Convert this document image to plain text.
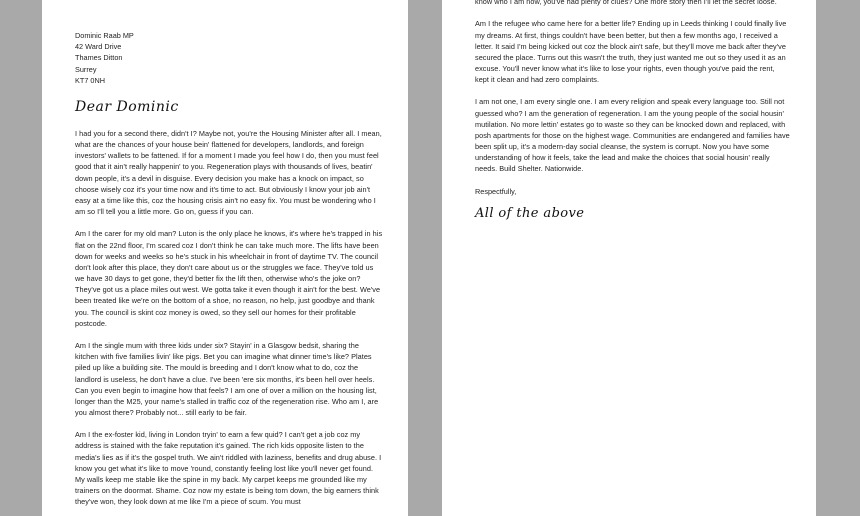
Dominic Raab MP
42 Ward Drive
Thames Ditton
Surrey
KT7 0NH
Dear Dominic

I had you for a second there, didn't I? Maybe not, you're the Housing Minister after all. I mean, what are the chances of your house bein' flattened for developers, landlords, and foreign investors' wallets to be fattened. If for a moment I made you feel how I do, then you must feel good that it ain't really happenin' to you. Regeneration plays with thousands of lives, beatin' down people, it's a devil in disguise. Every decision you make has a knock on impact, so choose wisely coz it's your time now and it's time to act. But obviously I know your job ain't easy at a time like this, coz the housing crisis ain't no easy fix. You must be wondering who I am so I'll tell you a little more. Go on, guess if you can.

Am I the carer for my old man? Luton is the only place he knows, it's where he's trapped in his flat on the 22nd floor, I'm scared coz I don't think he can take much more. The lifts have been down for weeks and weeks so he's stuck in his wheelchair in front of daytime TV. The council don't look after this place, they don't care about us or the struggles we face. They've told us we have 30 days to get gone, they'd better fix the lift then, otherwise who's the joke on? They've got us a place miles out west. We gotta take it even though it ain't for the best. We've been treated like we're on the bottom of a shoe, no reason, no help, just goodbye and thank you. The council is skint coz money is owed, so they sell our homes for their profitable postcode.

Am I the single mum with three kids under six? Stayin' in a Glasgow bedsit, sharing the kitchen with five families livin' like pigs. Bet you can imagine what dinner time's like? Plates piled up like a building site. The mould is breeding and I don't know what to do, coz the landlord is useless, he don't have a clue. I've been 'ere six months, it's been hell over heels. Can you even begin to imagine how that feels? I am one of over a million on the housing list, longer than the M25, your name's stalled in traffic coz of the regeneration rise. Who am I, are you almost there? Probably not... still early to be fair.

Am I the ex-foster kid, living in London tryin' to earn a few quid? I can't get a job coz my address is stained with the fake reputation it's gained. The rich kids opposite listen to the media's lies as if it's the gospel truth. We ain't riddled with laziness, benefits and drug abuse. I know you get what it's like to move 'round, constantly feeling lost like you'll never get found. My walls keep me stable like the spine in my back. My carpet keeps me grounded like my trainers on the doormat. Shame. Coz now my estate is being torn down, the big earners think they've won, they look down at me like I'm a piece of scum. You must

know who I am now, you've had plenty of clues? One more story then I'll let the secret loose.

Am I the refugee who came here for a better life? Ending up in Leeds thinking I could finally live my dreams. At first, things couldn't have been better, but then a few months ago, I received a letter. It said I'm being kicked out coz the block ain't safe, but they'll move me back after they've secured the place. Turns out this wasn't the truth, they just wanted me out so they used it as an excuse. You'll never know what it's like to lose your rights, even though you've paid the rent, kept it clean and had zero complaints.

I am not one, I am every single one. I am every religion and speak every language too. Still not guessed who? I am the generation of regeneration. I am the young people of the social housin' mutilation. No more lettin' estates go to waste so they can be knocked down and replaced, with posh apartments for those on the highest wage. Communities are endangered and families have been split up, it's a modern-day social cleanse, the system is corrupt. Now you have some understanding of how it feels, take the lead and make the choices that social housin' really needs. Build Shelter. Nationwide.

Respectfully,
All of the above
